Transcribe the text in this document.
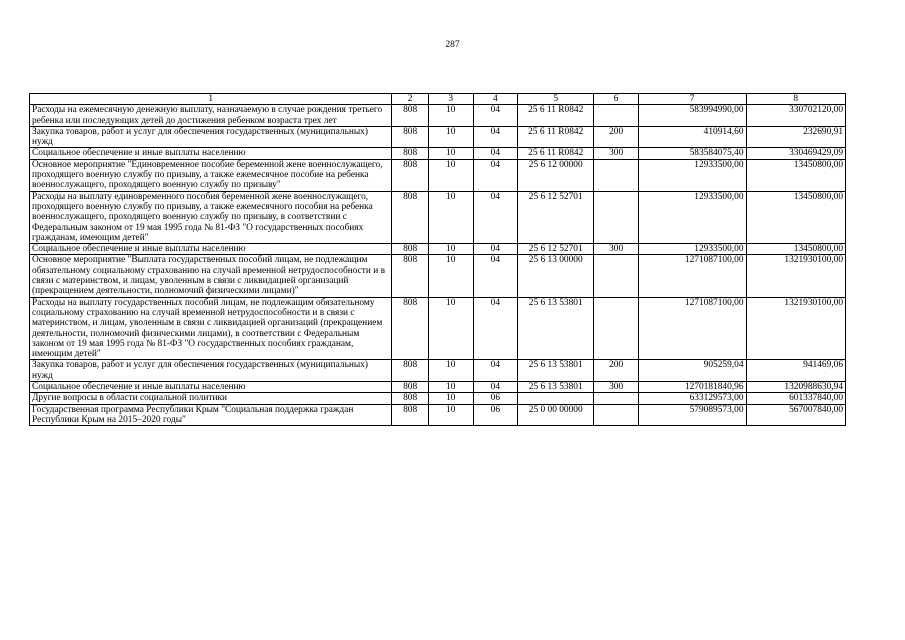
287
1	2	3	4	5	6	7	8
Расходы на ежемесячную денежную выплату, назначаемую в случае рождения третьего ребенка или последующих детей до достижения ребенком возраста трех лет	808	10	04	25 6 11 R0842		583994990,00	330702120,00
Закупка товаров, работ и услуг для обеспечения государственных (муниципальных) нужд	808	10	04	25 6 11 R0842	200	410914,60	232690,91
Социальное обеспечение и иные выплаты населению	808	10	04	25 6 11 R0842	300	583584075,40	330469429,09
Основное мероприятие "Единовременное пособие беременной жене военнослужащего, проходящего военную службу по призыву, а также ежемесячное пособие на ребенка военнослужащего, проходящего военную службу по призыву"	808	10	04	25 6 12 00000		12933500,00	13450800,00
Расходы на выплату единовременного пособия беременной жене военнослужащего, проходящего военную службу по призыву, а также ежемесячного пособия на ребенка военнослужащего, проходящего военную службу по призыву, в соответствии с Федеральным законом от 19 мая 1995 года № 81-ФЗ "О государственных пособиях гражданам, имеющим детей"	808	10	04	25 6 12 52701		12933500,00	13450800,00
Социальное обеспечение и иные выплаты населению	808	10	04	25 6 12 52701	300	12933500,00	13450800,00
Основное мероприятие "Выплата государственных пособий лицам, не подлежащим обязательному социальному страхованию на случай временной нетрудоспособности и в связи с материнством, и лицам, уволенным в связи с ликвидацией организаций (прекращением деятельности, полномочий физическими лицами)"	808	10	04	25 6 13 00000		1271087100,00	1321930100,00
Расходы на выплату государственных пособий лицам, не подлежащим обязательному социальному страхованию на случай временной нетрудоспособности и в связи с материнством, и лицам, уволенным в связи с ликвидацией организаций (прекращением деятельности, полномочий физическими лицами), в соответствии с Федеральным законом от 19 мая 1995 года № 81-ФЗ "О государственных пособиях гражданам, имеющим детей"	808	10	04	25 6 13 53801		1271087100,00	1321930100,00
Закупка товаров, работ и услуг для обеспечения государственных (муниципальных) нужд	808	10	04	25 6 13 53801	200	905259,04	941469,06
Социальное обеспечение и иные выплаты населению	808	10	04	25 6 13 53801	300	1270181840,96	1320988630,94
Другие вопросы в области социальной политики	808	10	06			633129573,00	601337840,00
Государственная программа Республики Крым "Социальная поддержка граждан Республики Крым на 2015–2020 годы"	808	10	06	25 0 00 00000		579089573,00	567007840,00
